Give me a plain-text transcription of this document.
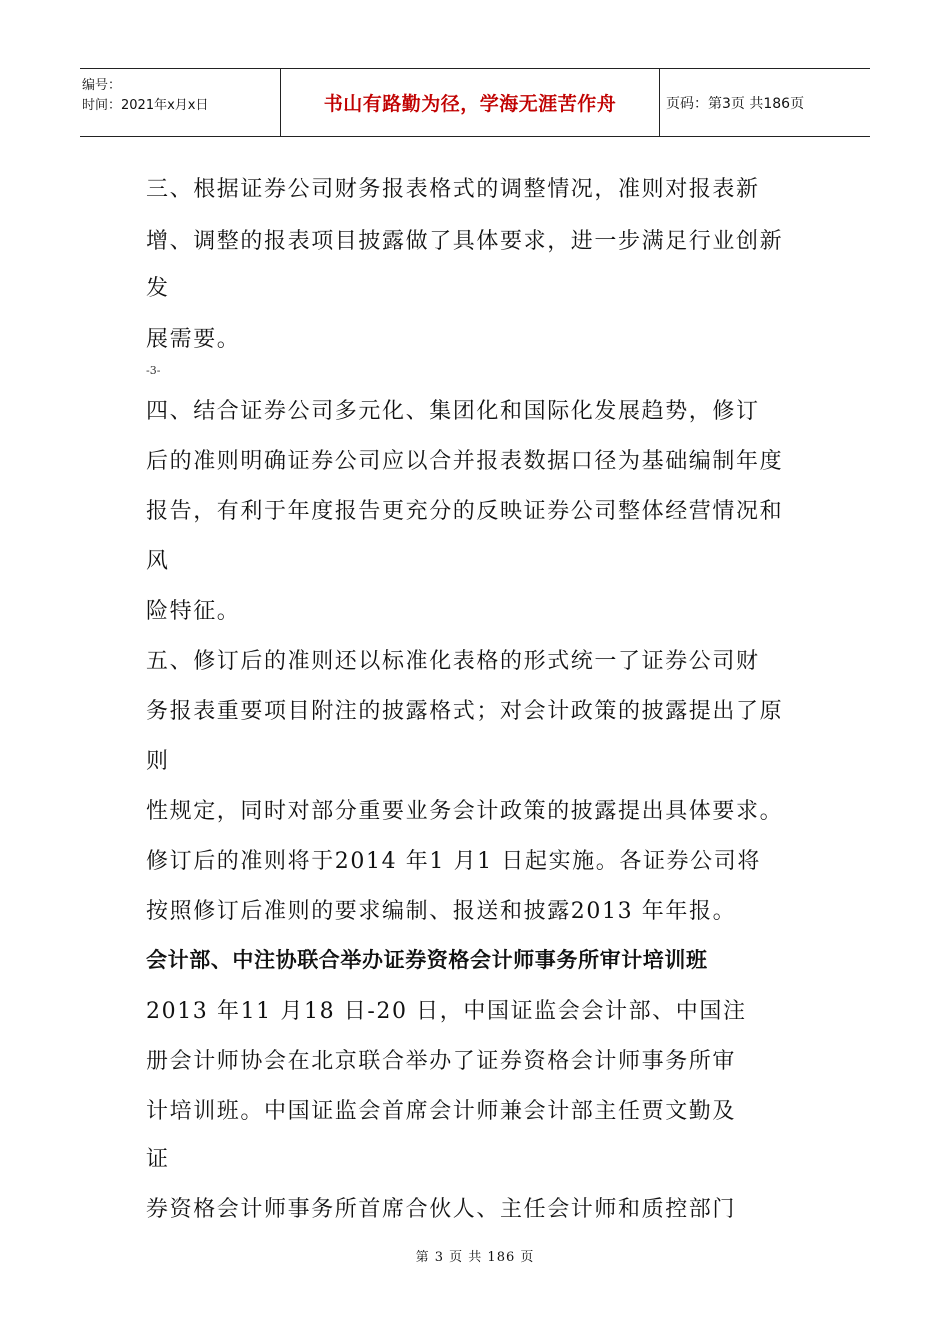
编号：
时间：2021年x月x日	书山有路勤为径，学海无涯苦作舟	页码：第3页 共186页
三、根据证券公司财务报表格式的调整情况，准则对报表新
增、调整的报表项目披露做了具体要求，进一步满足行业创新
发
展需要。
-3-
四、结合证券公司多元化、集团化和国际化发展趋势，修订
后的准则明确证券公司应以合并报表数据口径为基础编制年度
报告，有利于年度报告更充分的反映证券公司整体经营情况和
风
险特征。
五、修订后的准则还以标准化表格的形式统一了证券公司财
务报表重要项目附注的披露格式；对会计政策的披露提出了原
则
性规定，同时对部分重要业务会计政策的披露提出具体要求。
修订后的准则将于2014 年1 月1 日起实施。各证券公司将
按照修订后准则的要求编制、报送和披露2013 年年报。
会计部、中注协联合举办证券资格会计师事务所审计培训班
2013 年11 月18 日-20 日，中国证监会会计部、中国注
册会计师协会在北京联合举办了证券资格会计师事务所审
计培训班。中国证监会首席会计师兼会计部主任贾文勤及
证
券资格会计师事务所首席合伙人、主任会计师和质控部门
第 3 页 共 186 页
